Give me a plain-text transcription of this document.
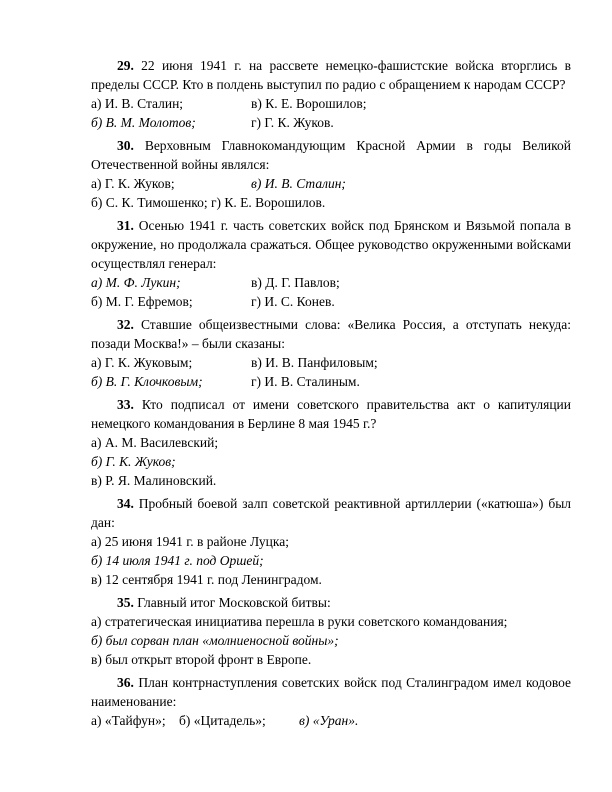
29. 22 июня 1941 г. на рассвете немецко-фашистские войска вторглись в пределы СССР. Кто в полдень выступил по радио с обращением к народам СССР?
а) И. В. Сталин;	в) К. Е. Ворошилов;
б) В. М. Молотов;	г) Г. К. Жуков.
30. Верховным Главнокомандующим Красной Армии в годы Великой Отечественной войны являлся:
а) Г. К. Жуков;	в) И. В. Сталин;
б) С. К. Тимошенко; г) К. Е. Ворошилов.
31. Осенью 1941 г. часть советских войск под Брянском и Вязьмой попала в окружение, но продолжала сражаться. Общее руководство окруженными войсками осуществлял генерал:
а) М. Ф. Лукин;	в) Д. Г. Павлов;
б) М. Г. Ефремов;	г) И. С. Конев.
32. Ставшие общеизвестными слова: «Велика Россия, а отступать некуда: позади Москва!» – были сказаны:
а) Г. К. Жуковым;	в) И. В. Панфиловым;
б) В. Г. Клочковым;	г) И. В. Сталиным.
33. Кто подписал от имени советского правительства акт о капитуляции немецкого командования в Берлине 8 мая 1945 г.?
а) А. М. Василевский;
б) Г. К. Жуков;
в) Р. Я. Малиновский.
34. Пробный боевой залп советской реактивной артиллерии («катюша») был дан:
а) 25 июня 1941 г. в районе Луцка;
б) 14 июля 1941 г. под Оршей;
в) 12 сентября 1941 г. под Ленинградом.
35. Главный итог Московской битвы:
а) стратегическая инициатива перешла в руки советского командования;
б) был сорван план «молниеносной войны»;
в) был открыт второй фронт в Европе.
36. План контрнаступления советских войск под Сталинградом имел кодовое наименование:
а) «Тайфун»; б) «Цитадель»; в) «Уран».
